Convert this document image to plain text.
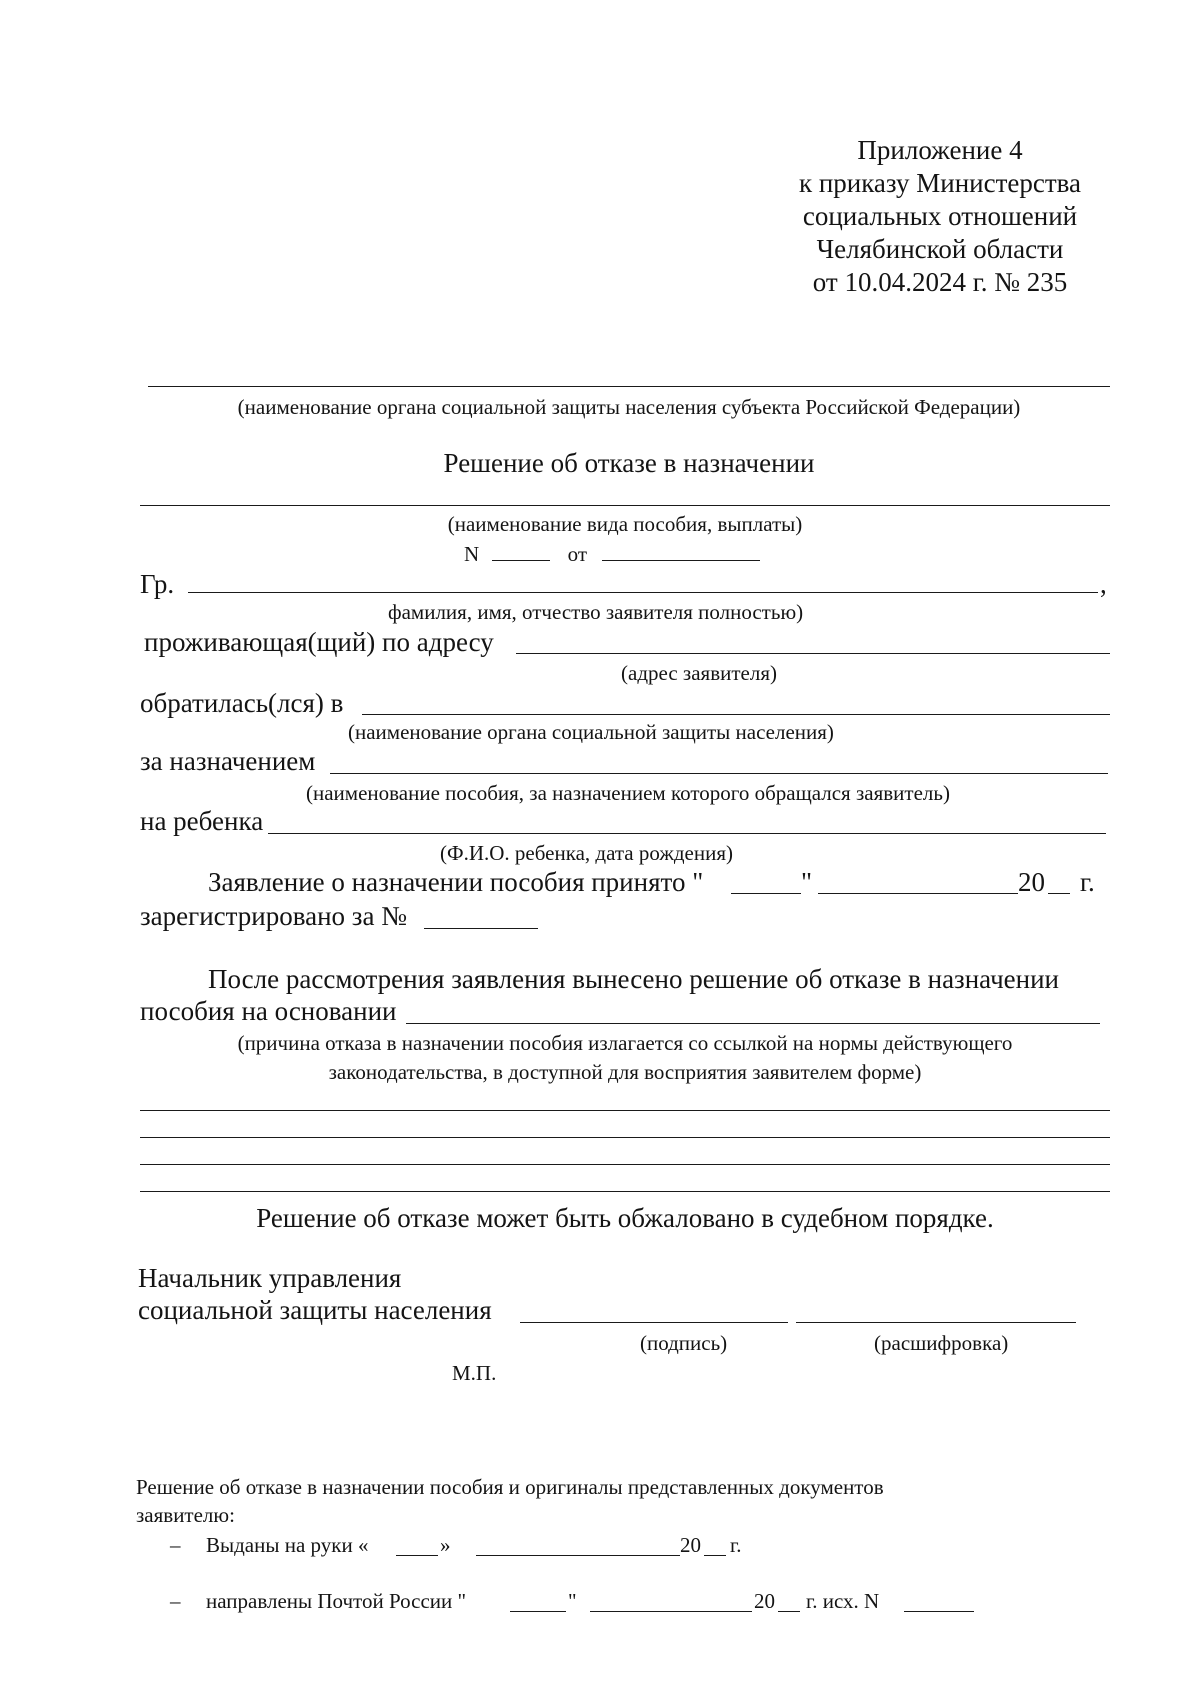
Приложение 4
к приказу Министерства
социальных отношений
Челябинской области
от 10.04.2024 г. № 235
(наименование органа социальной защиты населения субъекта Российской Федерации)
Решение об отказе в назначении
(наименование вида пособия, выплаты)
N	от
Гр.	,
фамилия, имя, отчество заявителя полностью)
проживающая(щий) по адресу
(адрес заявителя)
обратилась(лся) в
(наименование органа социальной защиты населения)
за назначением
(наименование пособия, за назначением которого обращался заявитель)
на ребенка
(Ф.И.О. ребенка, дата рождения)
Заявление о назначении пособия принято "	"	20 г.
зарегистрировано за №
После рассмотрения заявления вынесено решение об отказе в назначении
пособия на основании
(причина отказа в назначении пособия излагается со ссылкой на нормы действующего
законодательства, в доступной для восприятия заявителем форме)
Решение об отказе может быть обжаловано в судебном порядке.
Начальник управления
социальной защиты населения
(подпись)	(расшифровка)
М.П.
Решение об отказе в назначении пособия и оригиналы представленных документов
заявителю:
– Выданы на руки «	»	20 г.
– направлены Почтой России "	"	20 г. исх. N
